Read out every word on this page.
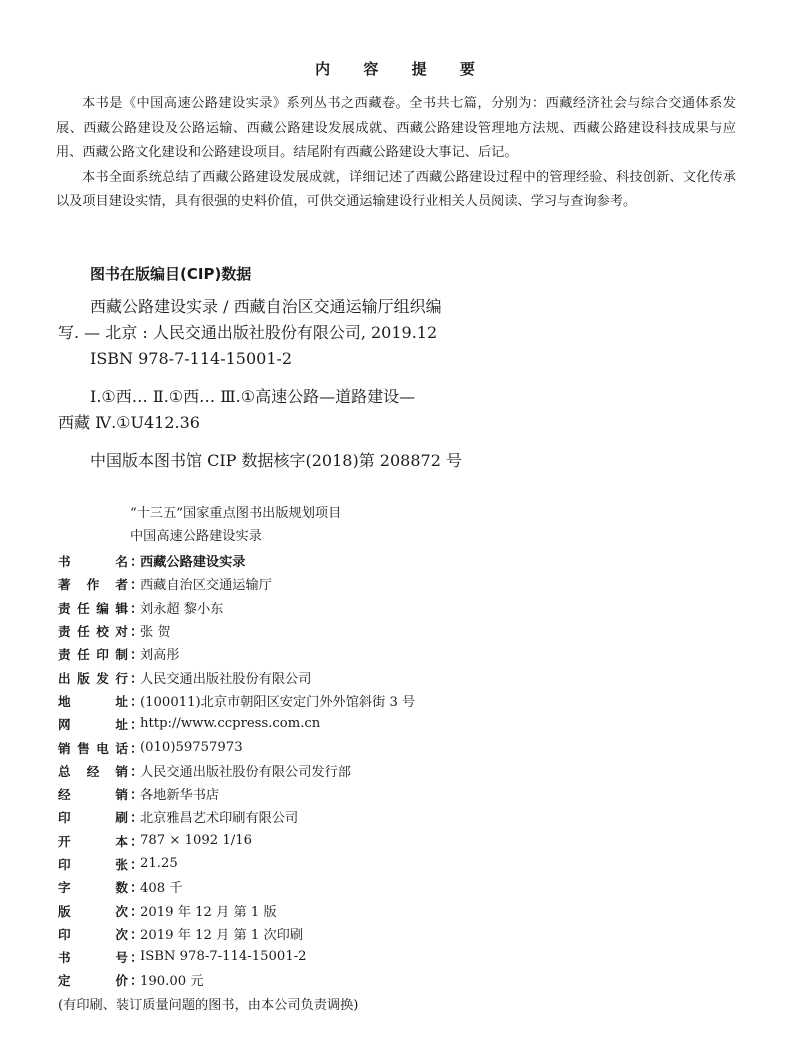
内 容 提 要

本书是《中国高速公路建设实录》系列丛书之西藏卷。全书共七篇，分别为：西藏经济社会与综合交通体系发展、西藏公路建设及公路运输、西藏公路建设发展成就、西藏公路建设管理地方法规、西藏公路建设科技成果与应用、西藏公路文化建设和公路建设项目。结尾附有西藏公路建设大事记、后记。

本书全面系统总结了西藏公路建设发展成就，详细记述了西藏公路建设过程中的管理经验、科技创新、文化传承以及项目建设实情，具有很强的史料价值，可供交通运输建设行业相关人员阅读、学习与查询参考。

图书在版编目(CIP)数据
西藏公路建设实录 / 西藏自治区交通运输厅组织编
写. — 北京 : 人民交通出版社股份有限公司, 2019.12
ISBN 978-7-114-15001-2
Ⅰ.①西… Ⅱ.①西… Ⅲ.①高速公路—道路建设—
西藏 Ⅳ.①U412.36
中国版本图书馆 CIP 数据核字(2018)第 208872 号
“十三五”国家重点图书出版规划项目
中国高速公路建设实录
书	名 ：
西藏公路建设实录
著 作 者 ：
西藏自治区交通运输厅
责 任 编 辑 ：
刘永超 黎小东
责 任 校 对 ：
张 贺
责 任 印 制 ：
刘高彤
出 版 发 行 ：
人民交通出版社股份有限公司
地	址 ：
(100011)北京市朝阳区安定门外外馆斜街 3 号
网	址 ：
http://www.ccpress.com.cn
销 售 电 话 ：
(010)59757973
总 经 销 ：
人民交通出版社股份有限公司发行部
经	销 ：
各地新华书店
印	刷 ：
北京雅昌艺术印刷有限公司
开	本 ：
787 × 1092 1/16
印	张 ：
21.25
字	数 ：
408 千
版	次 ：
2019 年 12 月 第 1 版
印	次 ：
2019 年 12 月 第 1 次印刷
书	号 ：
ISBN 978-7-114-15001-2
定	价 ：
190.00 元
(有印刷、装订质量问题的图书，由本公司负责调换)
